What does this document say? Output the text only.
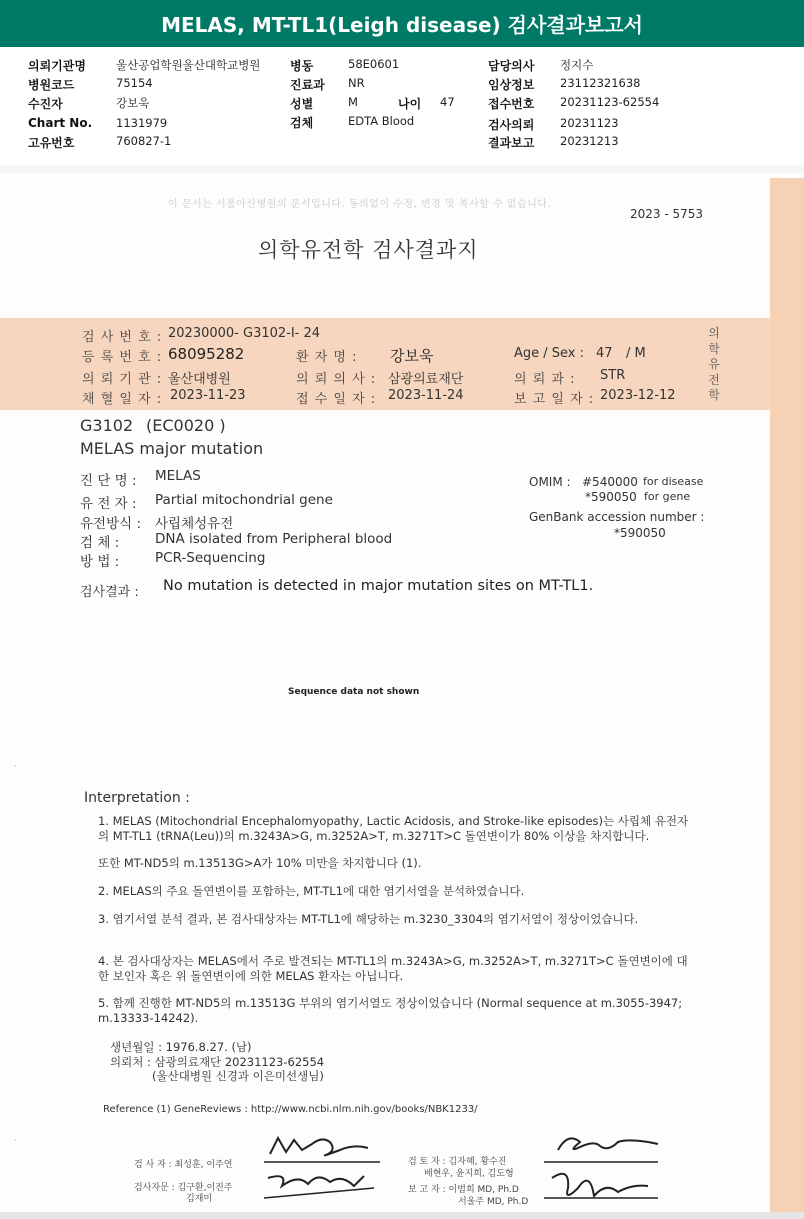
MELAS, MT-TL1(Leigh disease) 검사결과보고서
의뢰기관명	울산공업학원울산대학교병원
병원코드	75154
수진자	강보욱
Chart No. 1131979
고유번호	760827-1
병동	58E0601
진료과 NR
성별	M	나이 47
검체	EDTA Blood
담당의사 정지수
임상정보 23112321638
접수번호 20231123-62554
검사의뢰 20231123
결과보고 20231213
이 문서는 서울아산병원의 문서입니다. 동의없이 수정, 변경 및 복사할 수 없습니다.
2023 - 5753
의학유전학 검사결과지
검 사 번 호 : 20230000- G3102-I- 24
등 록 번 호 : 68095282	환 자 명 : 강보욱	Age / Sex : 47 / M
의 뢰 기 관 : 울산대병원	의 뢰 의 사 : 삼광의료재단	의 뢰 과 : STR
채 혈 일 자 : 2023-11-23	접 수 일 자 : 2023-11-24	보 고 일 자 : 2023-12-12
의
학
유
전
학
G3102 (EC0020 )
MELAS major mutation
진 단 명 : MELAS
유 전 자 : Partial mitochondrial gene
유전방식 : 사립체성유전
검 체 :	DNA isolated from Peripheral blood
방 법 :	PCR-Sequencing
OMIM : #540000 for disease
*590050 for gene
GenBank accession number :
*590050
검사결과 : No mutation is detected in major mutation sites on MT-TL1.
Sequence data not shown
Interpretation :
1. MELAS (Mitochondrial Encephalomyopathy, Lactic Acidosis, and Stroke-like episodes)는 사립체 유전자의 MT-TL1 (tRNA(Leu))의 m.3243A>G, m.3252A>T, m.3271T>C 돌연변이가 80% 이상을 차지합니다.
또한 MT-ND5의 m.13513G>A가 10% 미만을 차지합니다 (1).
2. MELAS의 주요 돌연변이를 포함하는, MT-TL1에 대한 염기서열을 분석하였습니다.
3. 염기서열 분석 결과, 본 검사대상자는 MT-TL1에 해당하는 m.3230_3304의 염기서열이 정상이었습니다.
4. 본 검사대상자는 MELAS에서 주로 발견되는 MT-TL1의 m.3243A>G, m.3252A>T, m.3271T>C 돌연변이에 대한 보인자 혹은 위 돌연변이에 의한 MELAS 환자는 아닙니다.
5. 함께 진행한 MT-ND5의 m.13513G 부위의 염기서열도 정상이었습니다 (Normal sequence at m.3055-3947; m.13333-14242).
생년월일 : 1976.8.27. (남)
의뢰처 : 삼광의료재단 20231123-62554
(울산대병원 신경과 이은미선생님)
Reference (1) GeneReviews : http://www.ncbi.nlm.nih.gov/books/NBK1233/
검 사 자 : 최성훈, 이주연
검사자문 : 김구환,이진주
김재미
검 토 자 : 김자혜, 황수진
배현우, 윤지희, 김도형
보 고 자 : 이범희 MD, Ph.D
서울주 MD, Ph.D
·
·
